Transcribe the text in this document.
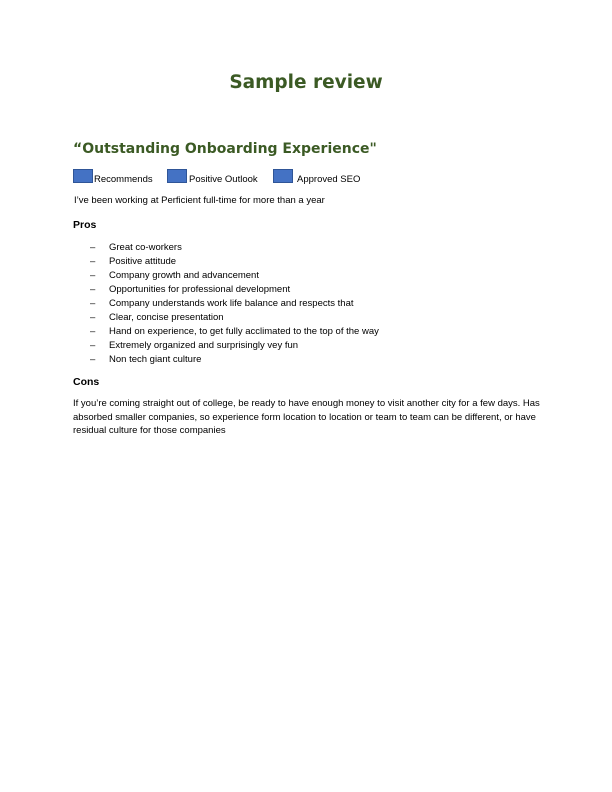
Sample review
“Outstanding Onboarding Experience"
Recommends	Positive Outlook	Approved SEO
I’ve been working at Perficient full-time for more than a year
Pros
– Great co-workers
– Positive attitude
– Company growth and advancement
– Opportunities for professional development
– Company understands work life balance and respects that
– Clear, concise presentation
– Hand on experience, to get fully acclimated to the top of the way
– Extremely organized and surprisingly vey fun
– Non tech giant culture
Cons
If you’re coming straight out of college, be ready to have enough money to visit another city for a few days. Has absorbed smaller companies, so experience form location to location or team to team can be different, or have residual culture for those companies
